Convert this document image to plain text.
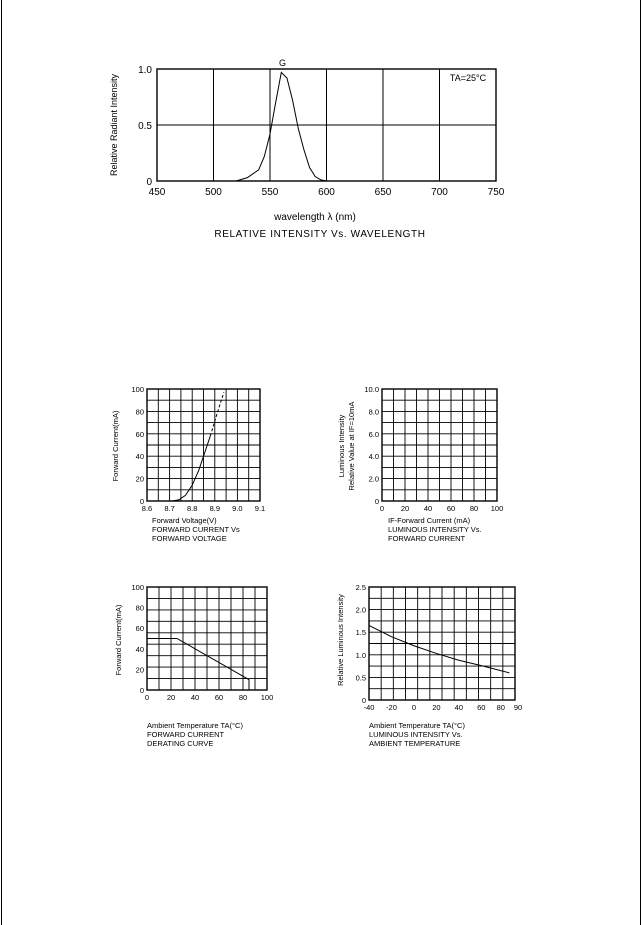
450	500	550	600	650	700	750
0
0.5
1.0
G
TA=25°C
wavelength λ (nm)
Relative Radiant Intensity
RELATIVE INTENSITY Vs. WAVELENGTH
8.6 8.7 8.8 8.9 9.0 9.1
0
20
40
60
80
100
Forward Voltage(V)
Forward Current(mA)
FORWARD CURRENT Vs
FORWARD VOLTAGE
0 20 40 60 80 100
0
2.0
4.0
6.0
8.0
10.0
IF-Forward Current (mA)
Luminous Intensity Relative Value at IF=10mA
LUMINOUS INTENSITY Vs.
FORWARD CURRENT
0 20 40 60 80 100
0
20
40
60
80
100
Ambient Temperature TA(°C)
Forward Current(mA)
FORWARD CURRENT
DERATING CURVE
-40 -20 0 20 40 60 80 90
0
0.5
1.0
1.5
2.0
2.5
Ambient Temperature TA(°C)
Relative Luminous Intensity
LUMINOUS INTENSITY Vs.
AMBIENT TEMPERATURE
